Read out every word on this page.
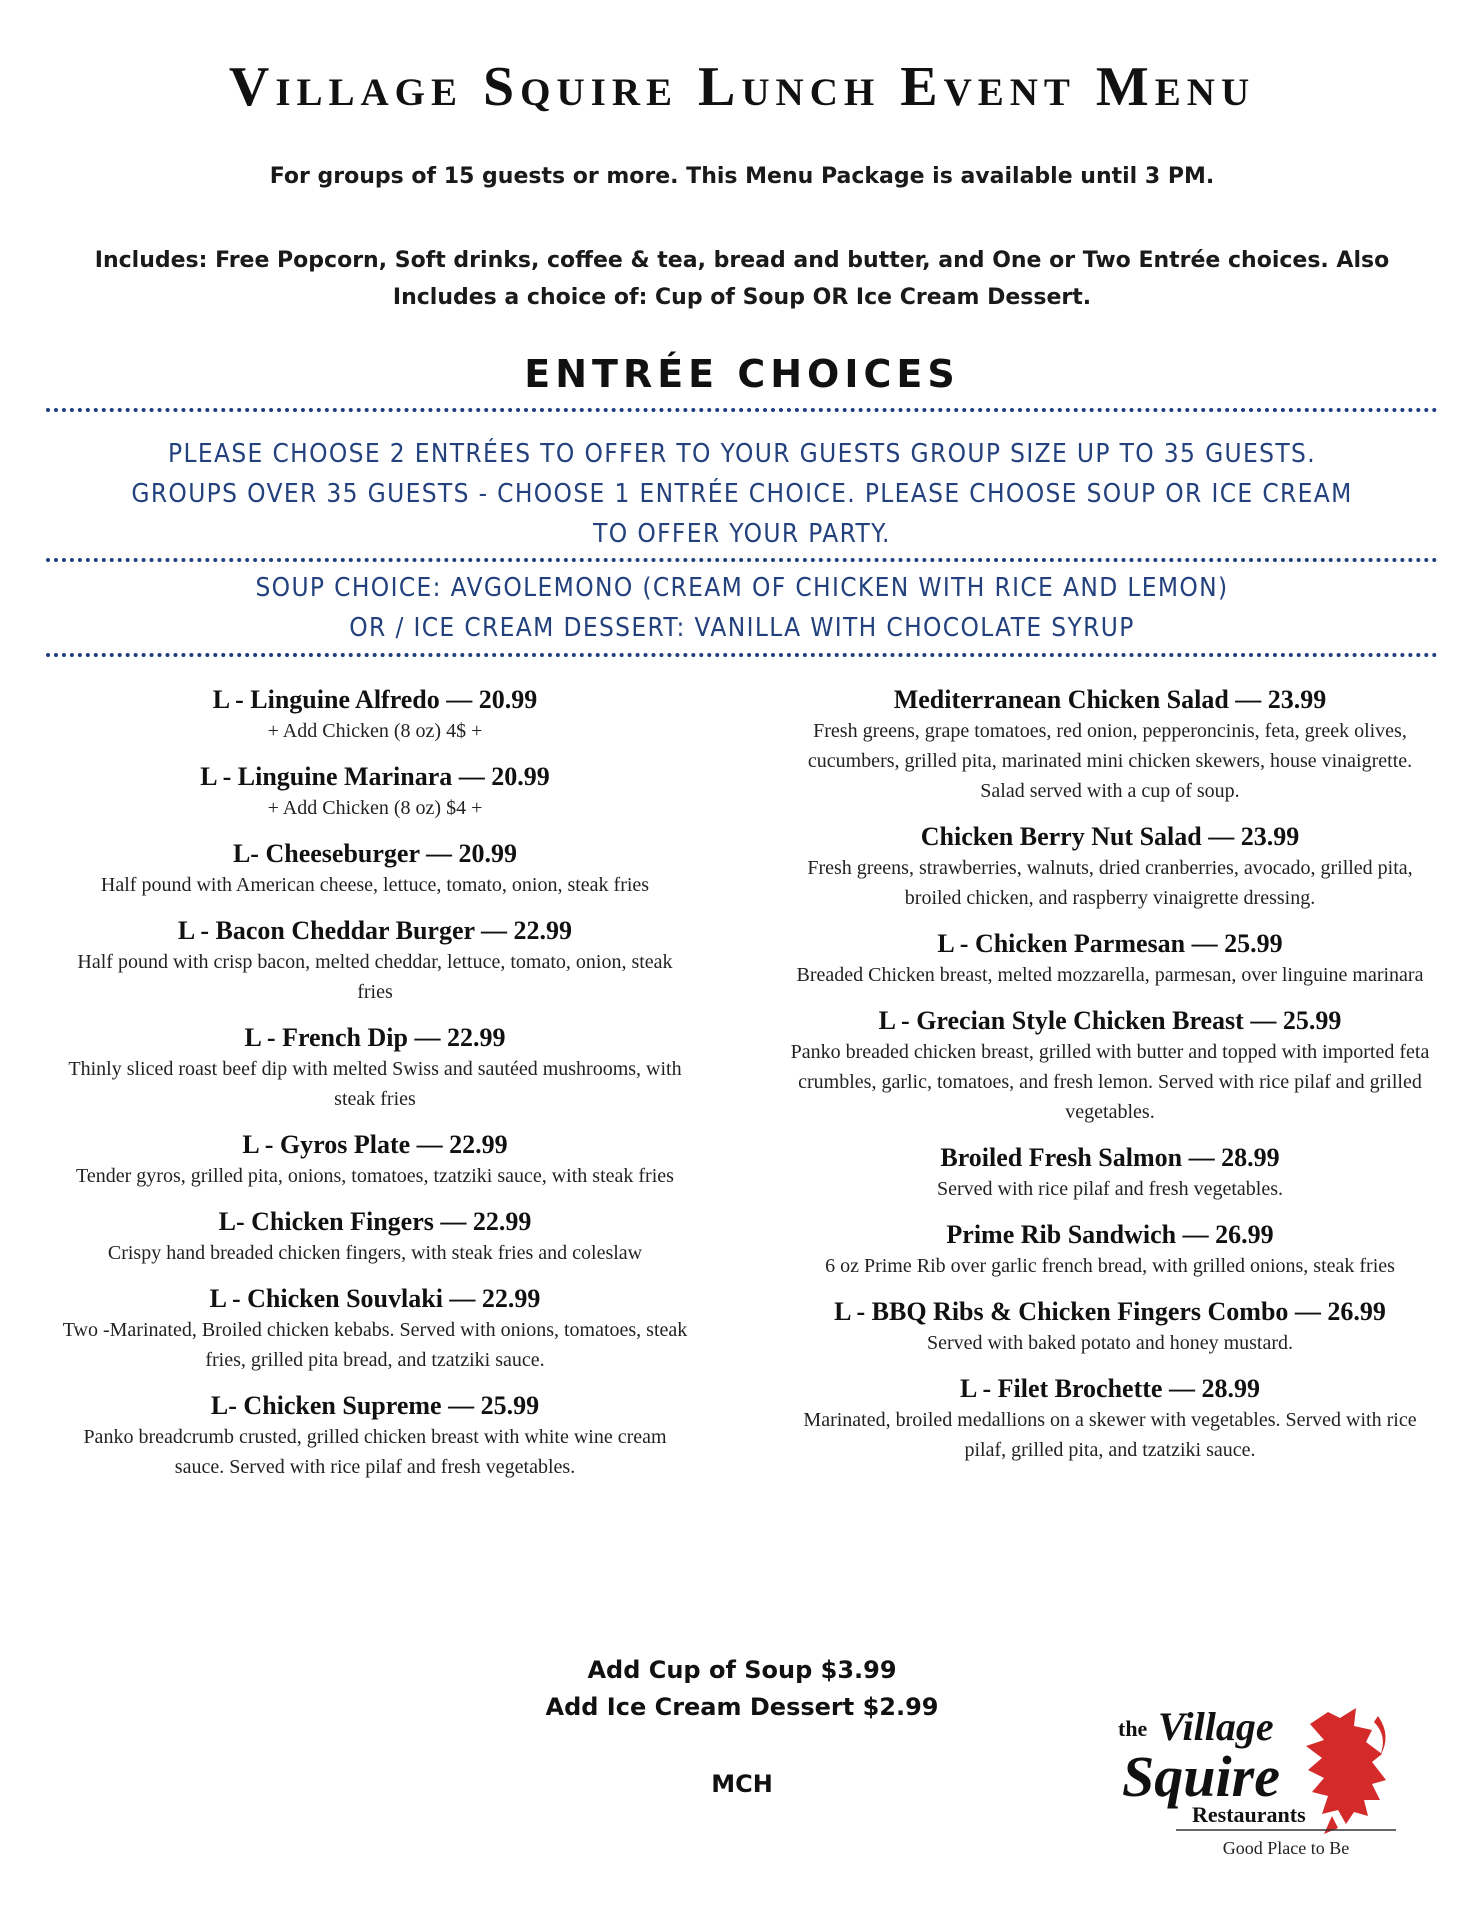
Village Squire Lunch Event Menu
For groups of 15 guests or more. This Menu Package is available until 3 PM.
Includes: Free Popcorn, Soft drinks, coffee & tea, bread and butter, and One or Two Entrée choices. Also
Includes a choice of: Cup of Soup OR Ice Cream Dessert.
ENTRÉE CHOICES
PLEASE CHOOSE 2 ENTRÉES TO OFFER TO YOUR GUESTS GROUP SIZE UP TO 35 GUESTS. GROUPS OVER 35 GUESTS - CHOOSE 1 ENTRÉE CHOICE. PLEASE CHOOSE SOUP OR ICE CREAM TO OFFER YOUR PARTY.
SOUP CHOICE: AVGOLEMONO (CREAM OF CHICKEN WITH RICE AND LEMON)
OR / ICE CREAM DESSERT: VANILLA WITH CHOCOLATE SYRUP
L - Linguine Alfredo — 20.99
+ Add Chicken (8 oz) 4$ +
L - Linguine Marinara — 20.99
+ Add Chicken (8 oz) $4 +
L- Cheeseburger — 20.99
Half pound with American cheese, lettuce, tomato, onion, steak fries
L - Bacon Cheddar Burger — 22.99
Half pound with crisp bacon, melted cheddar, lettuce, tomato, onion, steak fries
L - French Dip — 22.99
Thinly sliced roast beef dip with melted Swiss and sautéed mushrooms, with steak fries
L - Gyros Plate — 22.99
Tender gyros, grilled pita, onions, tomatoes, tzatziki sauce, with steak fries
L- Chicken Fingers — 22.99
Crispy hand breaded chicken fingers, with steak fries and coleslaw
L - Chicken Souvlaki — 22.99
Two -Marinated, Broiled chicken kebabs. Served with onions, tomatoes, steak fries, grilled pita bread, and tzatziki sauce.
L- Chicken Supreme — 25.99
Panko breadcrumb crusted, grilled chicken breast with white wine cream sauce. Served with rice pilaf and fresh vegetables.
Mediterranean Chicken Salad — 23.99
Fresh greens, grape tomatoes, red onion, pepperoncinis, feta, greek olives, cucumbers, grilled pita, marinated mini chicken skewers, house vinaigrette. Salad served with a cup of soup.
Chicken Berry Nut Salad — 23.99
Fresh greens, strawberries, walnuts, dried cranberries, avocado, grilled pita, broiled chicken, and raspberry vinaigrette dressing.
L - Chicken Parmesan — 25.99
Breaded Chicken breast, melted mozzarella, parmesan, over linguine marinara
L - Grecian Style Chicken Breast — 25.99
Panko breaded chicken breast, grilled with butter and topped with imported feta crumbles, garlic, tomatoes, and fresh lemon. Served with rice pilaf and grilled vegetables.
Broiled Fresh Salmon — 28.99
Served with rice pilaf and fresh vegetables.
Prime Rib Sandwich — 26.99
6 oz Prime Rib over garlic french bread, with grilled onions, steak fries
L - BBQ Ribs & Chicken Fingers Combo — 26.99
Served with baked potato and honey mustard.
L - Filet Brochette — 28.99
Marinated, broiled medallions on a skewer with vegetables. Served with rice pilaf, grilled pita, and tzatziki sauce.
Add Cup of Soup $3.99
Add Ice Cream Dessert $2.99
MCH
the Village
Squire
Restaurants
Good Place to Be
